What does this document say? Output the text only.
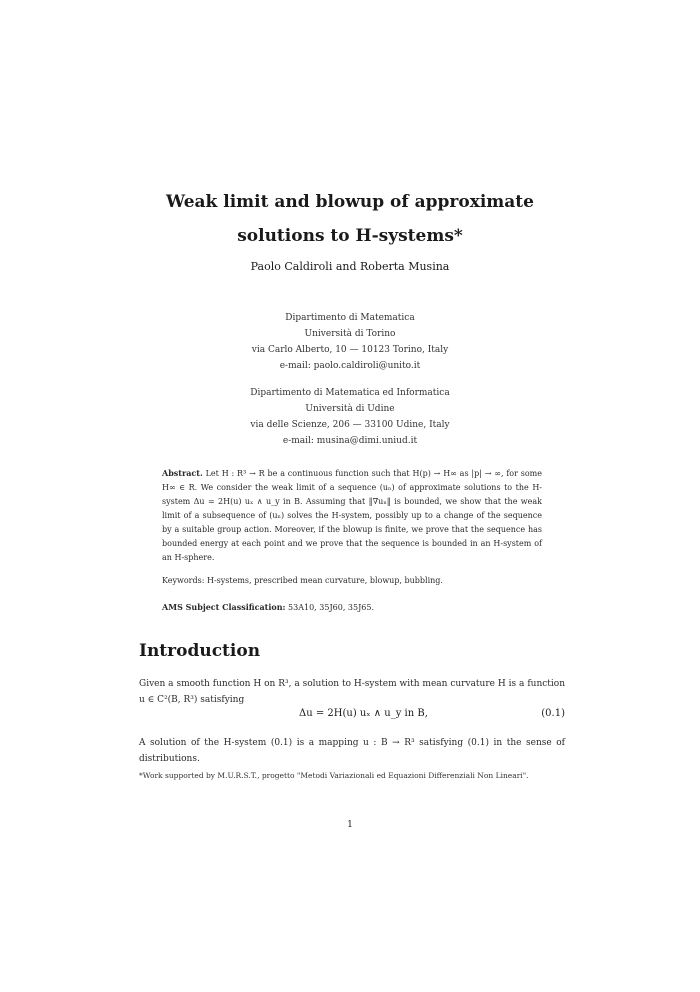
Weak limit and blowup of approximate
solutions to H-systems*
Paolo Caldiroli and Roberta Musina
Dipartimento di Matematica
Università di Torino
via Carlo Alberto, 10 — 10123 Torino, Italy
e-mail: paolo.caldiroli@unito.it
Dipartimento di Matematica ed Informatica
Università di Udine
via delle Scienze, 206 — 33100 Udine, Italy
e-mail: musina@dimi.uniud.it
Abstract. Let H : R³ → R be a continuous function such that H(p) → H∞ as |p| → ∞, for some H∞ ∈ R. We consider the weak limit of a sequence (uₙ) of approximate solutions to the H-system Δu = 2H(u) uₓ ∧ u_y in B. Assuming that ‖∇uₙ‖ is bounded, we show that the weak limit of a subsequence of (uₙ) solves the H-system, possibly up to a change of the sequence by a suitable group action. Moreover, if the blowup is finite, we prove that the sequence has bounded energy at each point and we prove that the sequence is bounded in an H-system of an H-sphere.
Keywords: H-systems, prescribed mean curvature, blowup, bubbling.
AMS Subject Classification: 53A10, 35J60, 35J65.
Introduction
Given a smooth function H on R³, a solution to H-system with mean curvature H is a function u ∈ C²(B, R³) satisfying
Δu = 2H(u) uₓ ∧ u_y in B,	(0.1)
A solution of the H-system (0.1) is a mapping u : B → R³ satisfying (0.1) in the sense of distributions.
*Work supported by M.U.R.S.T., progetto "Metodi Variazionali ed Equazioni Differenziali Non Lineari".
1
